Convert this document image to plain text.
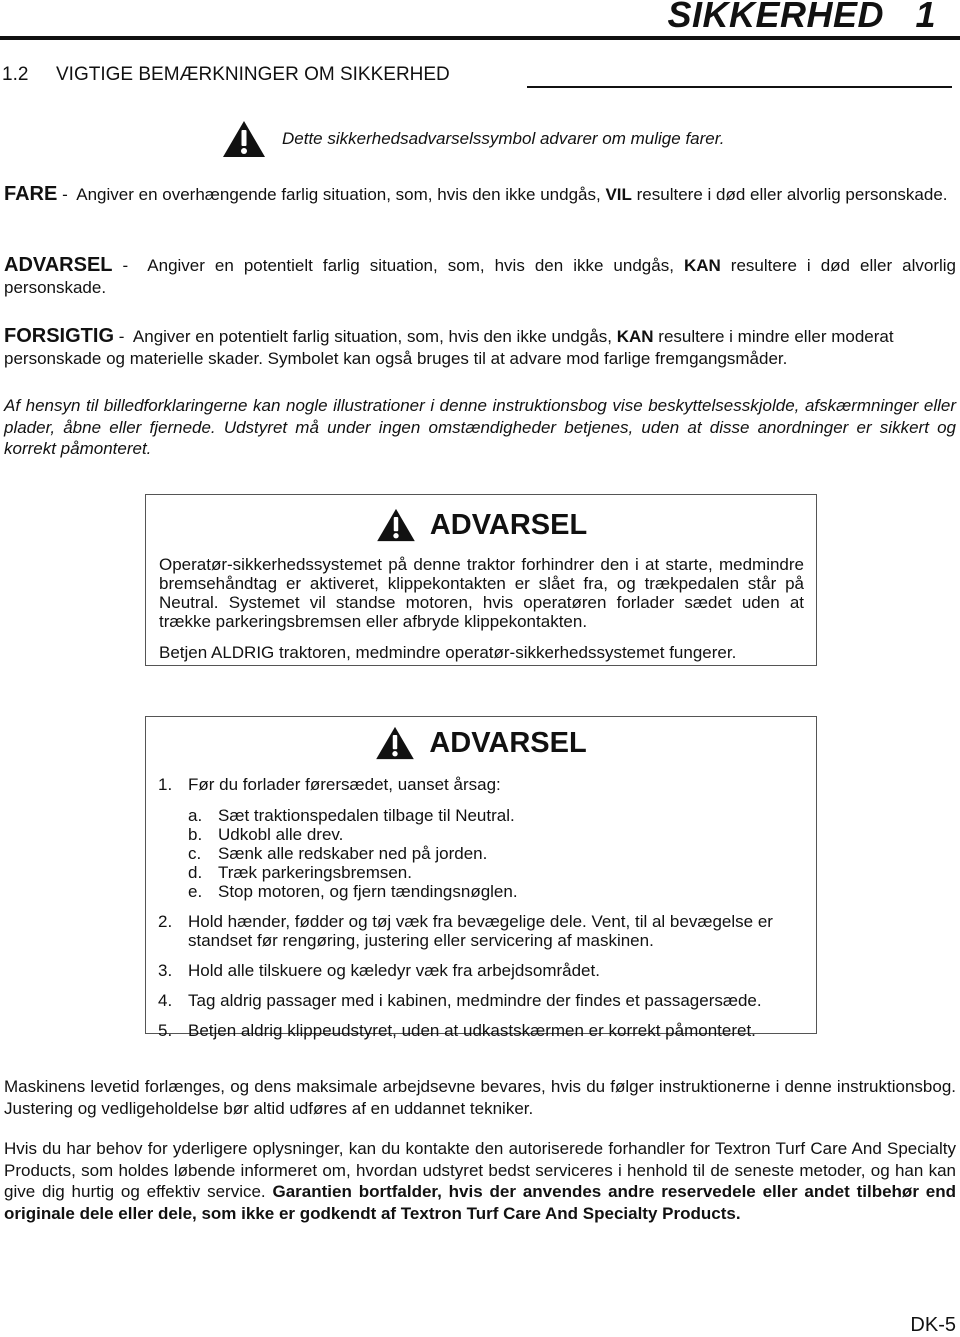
SIKKERHED   1
1.2	VIGTIGE BEMÆRKNINGER OM SIKKERHED
Dette sikkerhedsadvarselssymbol advarer om mulige farer.
FARE -  Angiver en overhængende farlig situation, som, hvis den ikke undgås, VIL resultere i død eller alvorlig personskade.
ADVARSEL -  Angiver en potentielt farlig situation, som, hvis den ikke undgås, KAN resultere i død eller alvorlig personskade.
FORSIGTIG -  Angiver en potentielt farlig situation, som, hvis den ikke undgås, KAN resultere i mindre eller moderat personskade og materielle skader. Symbolet kan også bruges til at advare mod farlige fremgangsmåder.
Af hensyn til billedforklaringerne kan nogle illustrationer i denne instruktionsbog vise beskyttelsesskjolde, afskærmninger eller plader, åbne eller fjernede. Udstyret må under ingen omstændigheder betjenes, uden at disse anordninger er sikkert og korrekt påmonteret.
ADVARSEL
Operatør-sikkerhedssystemet på denne traktor forhindrer den i at starte, medmindre bremsehåndtag er aktiveret, klippekontakten er slået fra, og trækpedalen står på Neutral. Systemet vil standse motoren, hvis operatøren forlader sædet uden at trække parkeringsbremsen eller afbryde klippekontakten.
Betjen ALDRIG traktoren, medmindre operatør-sikkerhedssystemet fungerer.
ADVARSEL
1. Før du forlader førersædet, uanset årsag:
a. Sæt traktionspedalen tilbage til Neutral.
b. Udkobl alle drev.
c. Sænk alle redskaber ned på jorden.
d. Træk parkeringsbremsen.
e. Stop motoren, og fjern tændingsnøglen.
2. Hold hænder, fødder og tøj væk fra bevægelige dele. Vent, til al bevægelse er standset før rengøring, justering eller servicering af maskinen.
3. Hold alle tilskuere og kæledyr væk fra arbejdsområdet.
4. Tag aldrig passager med i kabinen, medmindre der findes et passagersæde.
5. Betjen aldrig klippeudstyret, uden at udkastskærmen er korrekt påmonteret.
Maskinens levetid forlænges, og dens maksimale arbejdsevne bevares, hvis du følger instruktionerne i denne instruktionsbog. Justering og vedligeholdelse bør altid udføres af en uddannet tekniker.
Hvis du har behov for yderligere oplysninger, kan du kontakte den autoriserede forhandler for Textron Turf Care And Specialty Products, som holdes løbende informeret om, hvordan udstyret bedst serviceres i henhold til de seneste metoder, og han kan give dig hurtig og effektiv service. Garantien bortfalder, hvis der anvendes andre reservedele eller andet tilbehør end originale dele eller dele, som ikke er godkendt af Textron Turf Care And Specialty Products.
DK-5
